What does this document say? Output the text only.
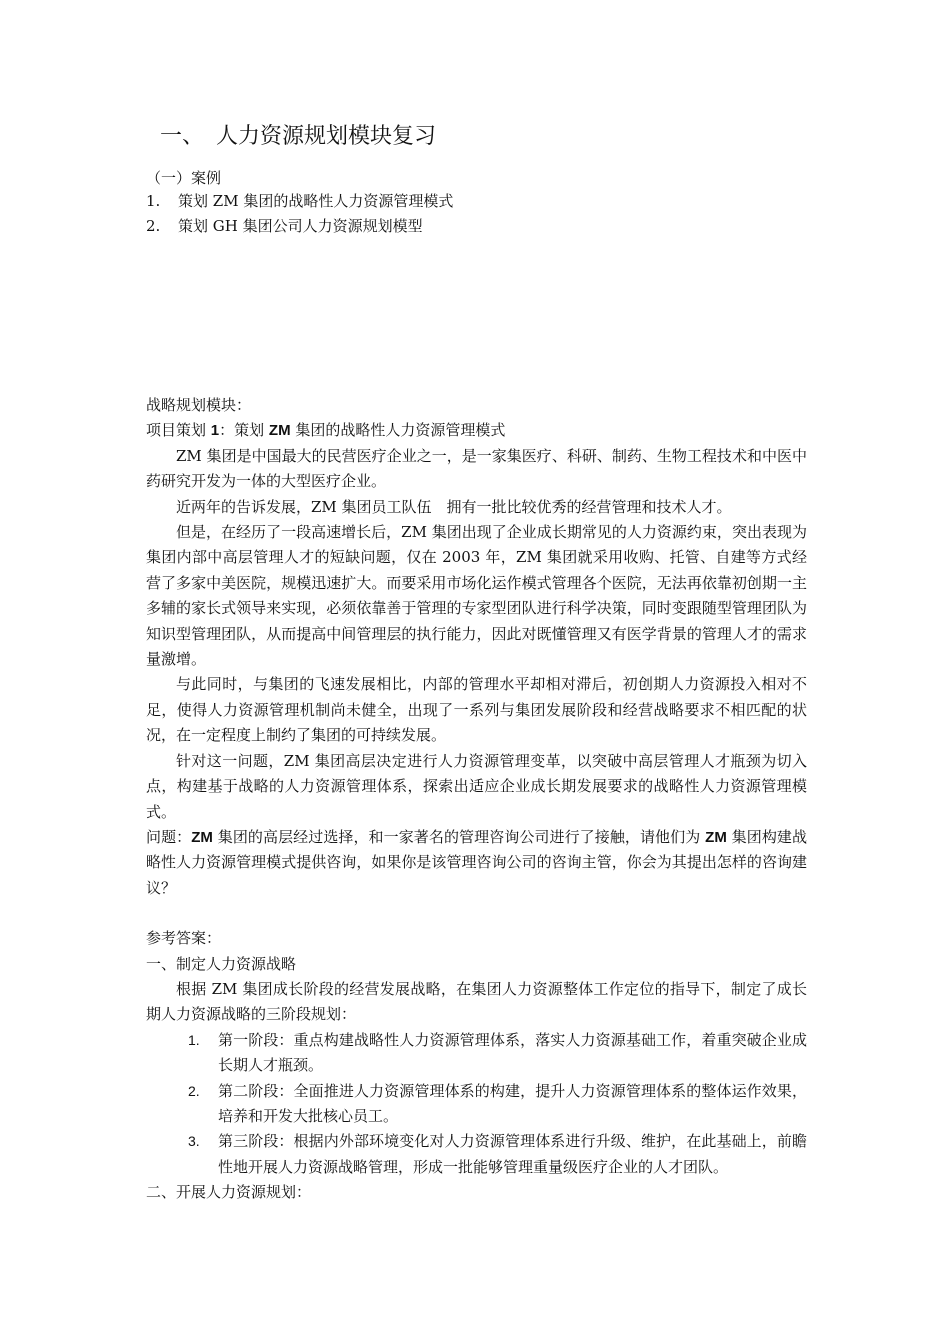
一、 人力资源规划模块复习
（一）案例
1. 策划 ZM 集团的战略性人力资源管理模式
2. 策划 GH 集团公司人力资源规划模型

战略规划模块：

项目策划 1：策划 ZM 集团的战略性人力资源管理模式

ZM 集团是中国最大的民营医疗企业之一，是一家集医疗、科研、制药、生物工程技术和中医中药研究开发为一体的大型医疗企业。

近两年的告诉发展，ZM 集团员工队伍　拥有一批比较优秀的经营管理和技术人才。

但是，在经历了一段高速增长后，ZM 集团出现了企业成长期常见的人力资源约束，突出表现为集团内部中高层管理人才的短缺问题，仅在 2003 年，ZM 集团就采用收购、托管、自建等方式经营了多家中美医院，规模迅速扩大。而要采用市场化运作模式管理各个医院，无法再依靠初创期一主多辅的家长式领导来实现，必须依靠善于管理的专家型团队进行科学决策，同时变跟随型管理团队为知识型管理团队，从而提高中间管理层的执行能力，因此对既懂管理又有医学背景的管理人才的需求量激增。

与此同时，与集团的飞速发展相比，内部的管理水平却相对滞后，初创期人力资源投入相对不足，使得人力资源管理机制尚未健全，出现了一系列与集团发展阶段和经营战略要求不相匹配的状况，在一定程度上制约了集团的可持续发展。

针对这一问题，ZM 集团高层决定进行人力资源管理变革，以突破中高层管理人才瓶颈为切入点，构建基于战略的人力资源管理体系，探索出适应企业成长期发展要求的战略性人力资源管理模式。

问题：ZM 集团的高层经过选择，和一家著名的管理咨询公司进行了接触，请他们为 ZM 集团构建战略性人力资源管理模式提供咨询，如果你是该管理咨询公司的咨询主管，你会为其提出怎样的咨询建议？

参考答案：

一、制定人力资源战略

根据 ZM 集团成长阶段的经营发展战略，在集团人力资源整体工作定位的指导下，制定了成长期人力资源战略的三阶段规划：

1.	第一阶段：重点构建战略性人力资源管理体系，落实人力资源基础工作，着重突破企业成长期人才瓶颈。
2.	第二阶段：全面推进人力资源管理体系的构建，提升人力资源管理体系的整体运作效果，培养和开发大批核心员工。
3.	第三阶段：根据内外部环境变化对人力资源管理体系进行升级、维护，在此基础上，前瞻性地开展人力资源战略管理，形成一批能够管理重量级医疗企业的人才团队。

二、开展人力资源规划：
